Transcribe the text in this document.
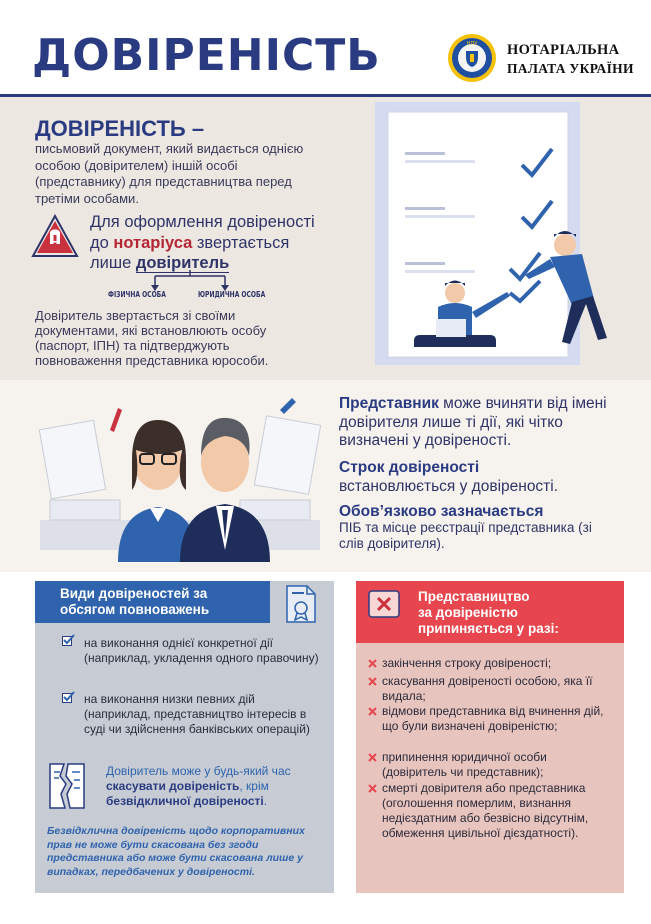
ДОВІРЕНІСТЬ	НПУ НОТАРІАЛЬНА
ПАЛАТА УКРАЇНИ
ДОВІРЕНІСТЬ –
письмовий документ, який видається однією особою (довірителем) іншій особі (представнику) для представництва перед третіми особами.
Для оформлення довіреності
до нотаріуса звертається
лише довіритель
ФІЗИЧНА ОСОБА	ЮРИДИЧНА ОСОБА
Довіритель звертається зі своїми документами, які встановлюють особу (паспорт, ІПН) та підтверджують повноваження представника юрособи.
Представник може вчиняти від імені довірителя лише ті дії, які чітко визначені у довіреності.
Строк довіреності
встановлюється у довіреності.
Обов’язково зазначається
ПІБ та місце реєстрації представника (зі слів довірителя).
Види довіреностей за обсягом повноважень
на виконання однієї конкретної дії (наприклад, укладення одного правочину)
на виконання низки певних дій (наприклад, представництво інтересів в суді чи здійснення банківських операцій)
Довіритель може у будь-який час скасувати довіреність, крім безвідкличної довіреності.
Безвідклична довіреність щодо корпоративних прав не може бути скасована без згоди представника або може бути скасована лише у випадках, передбачених у довіреності.
Представництво
за довіреністю
припиняється у разі:
закінчення строку довіреності;
скасування довіреності особою, яка її видала;
відмови представника від вчинення дій, що були визначені довіреністю;
припинення юридичної особи (довіритель чи представник);
смерті довірителя або представника (оголошення померлим, визнання недієздатним або безвісно відсутнім, обмеження цивільної дієздатності).
